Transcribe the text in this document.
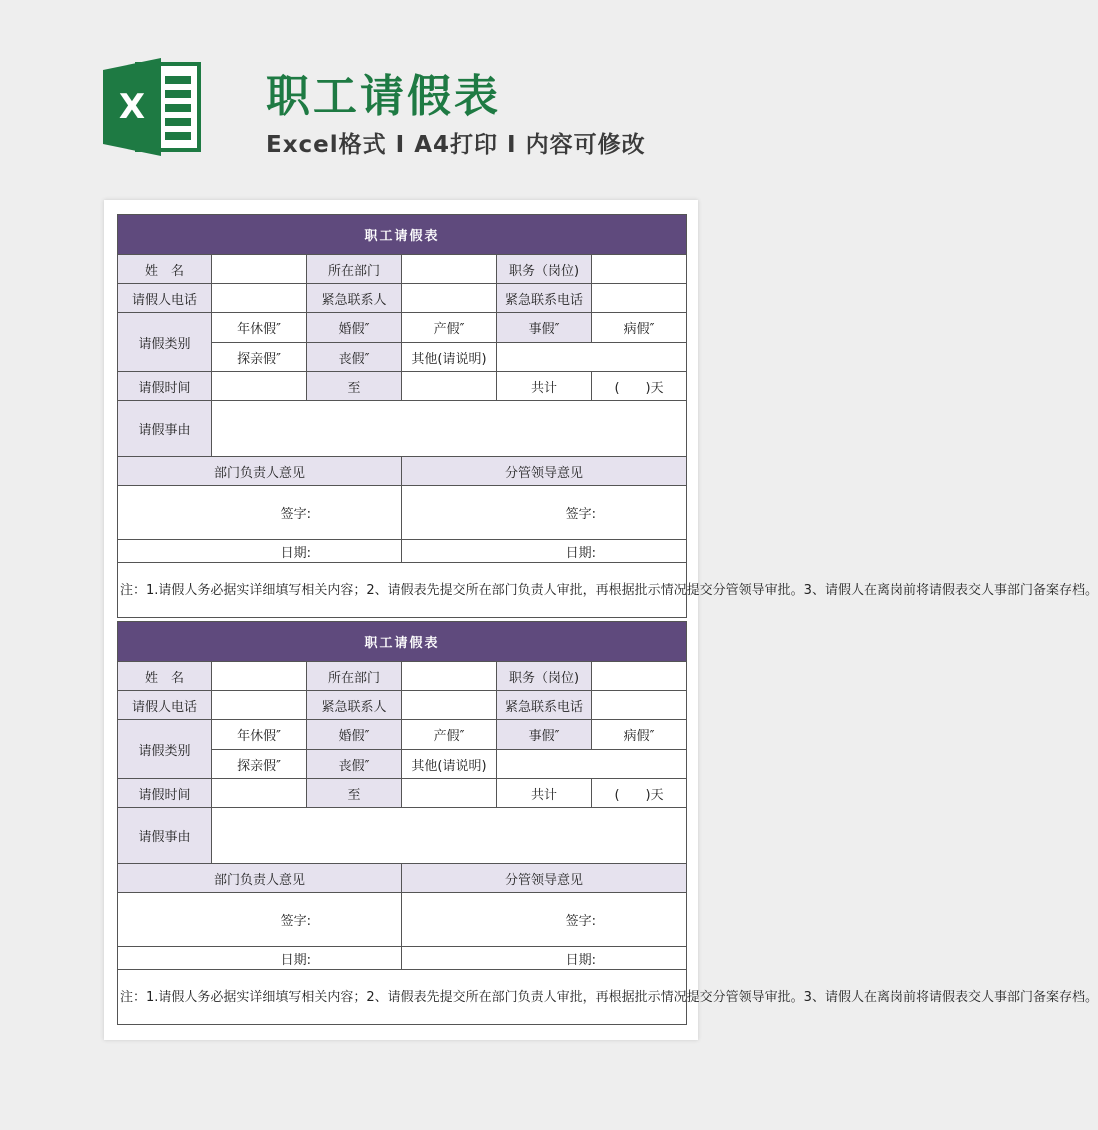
X	职工请假表
Excel格式 I A4打印 I 内容可修改
职工请假表					
姓　名		所在部门		职务（岗位)	
请假人电话		紧急联系人		紧急联系电话	
请假类别	年休假″	婚假″	产假″	事假″	病假″
	探亲假″	丧假″	其他(请说明)		
请假时间		至		共计	(　　)天
请假事由					
部门负责人意见			分管领导意见		

签字:			签字:		

日期:			日期:		

注：1.请假人务必据实详细填写相关内容；2、请假表先提交所在部门负责人审批，再根据批示情况提交分管领导审批。3、请假人在离岗前将请假表交人事部门备案存档。					
职工请假表					
姓　名		所在部门		职务（岗位)	
请假人电话		紧急联系人		紧急联系电话	
请假类别	年休假″	婚假″	产假″	事假″	病假″
	探亲假″	丧假″	其他(请说明)		
请假时间		至		共计	(　　)天
请假事由					
部门负责人意见			分管领导意见		

签字:			签字:		

日期:			日期:		

注：1.请假人务必据实详细填写相关内容；2、请假表先提交所在部门负责人审批，再根据批示情况提交分管领导审批。3、请假人在离岗前将请假表交人事部门备案存档。					
